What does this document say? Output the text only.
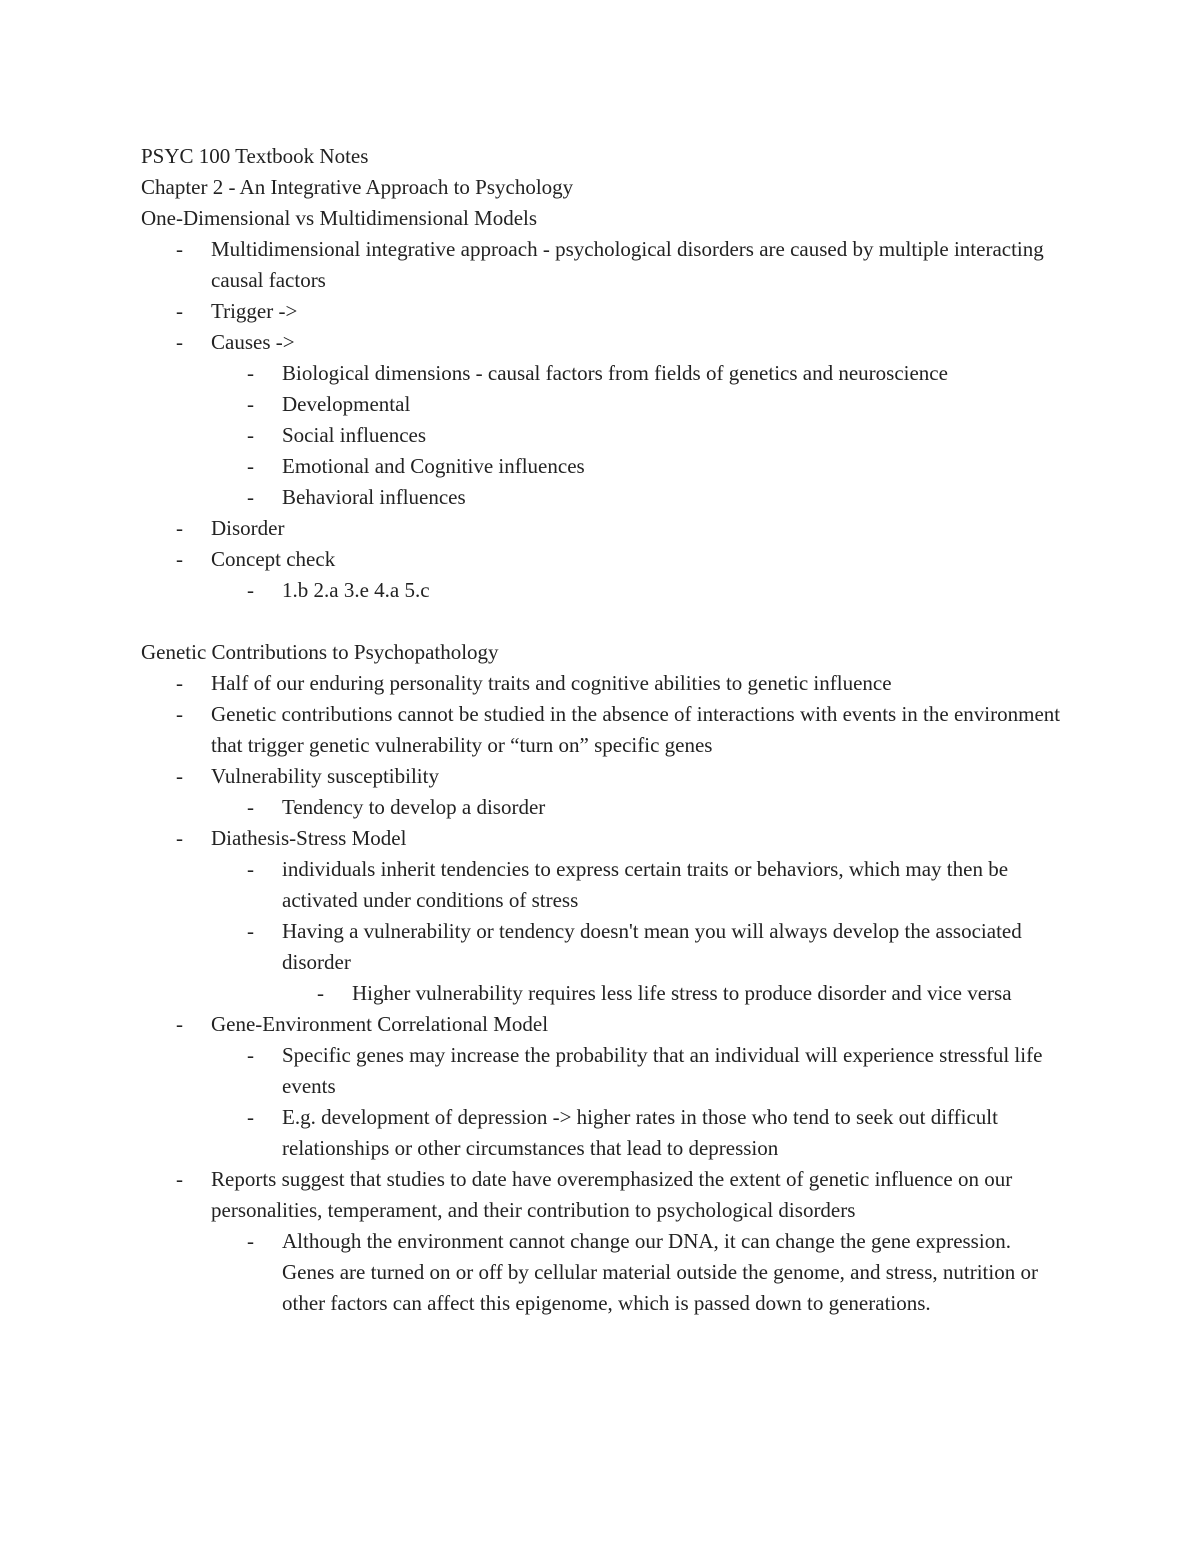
PSYC 100 Textbook Notes
Chapter 2 - An Integrative Approach to Psychology
One-Dimensional vs Multidimensional Models
- Multidimensional integrative approach - psychological disorders are caused by multiple interacting causal factors
- Trigger ->
- Causes ->
- Biological dimensions - causal factors from fields of genetics and neuroscience
- Developmental
- Social influences
- Emotional and Cognitive influences
- Behavioral influences
- Disorder
- Concept check
- 1.b 2.a 3.e 4.a 5.c
Genetic Contributions to Psychopathology
- Half of our enduring personality traits and cognitive abilities to genetic influence
- Genetic contributions cannot be studied in the absence of interactions with events in the environment that trigger genetic vulnerability or “turn on” specific genes
- Vulnerability susceptibility
- Tendency to develop a disorder
- Diathesis-Stress Model
- individuals inherit tendencies to express certain traits or behaviors, which may then be activated under conditions of stress
- Having a vulnerability or tendency doesn't mean you will always develop the associated disorder
- Higher vulnerability requires less life stress to produce disorder and vice versa
- Gene-Environment Correlational Model
- Specific genes may increase the probability that an individual will experience stressful life events
- E.g. development of depression -> higher rates in those who tend to seek out difficult relationships or other circumstances that lead to depression
- Reports suggest that studies to date have overemphasized the extent of genetic influence on our personalities, temperament, and their contribution to psychological disorders
- Although the environment cannot change our DNA, it can change the gene expression. Genes are turned on or off by cellular material outside the genome, and stress, nutrition or other factors can affect this epigenome, which is passed down to generations.
